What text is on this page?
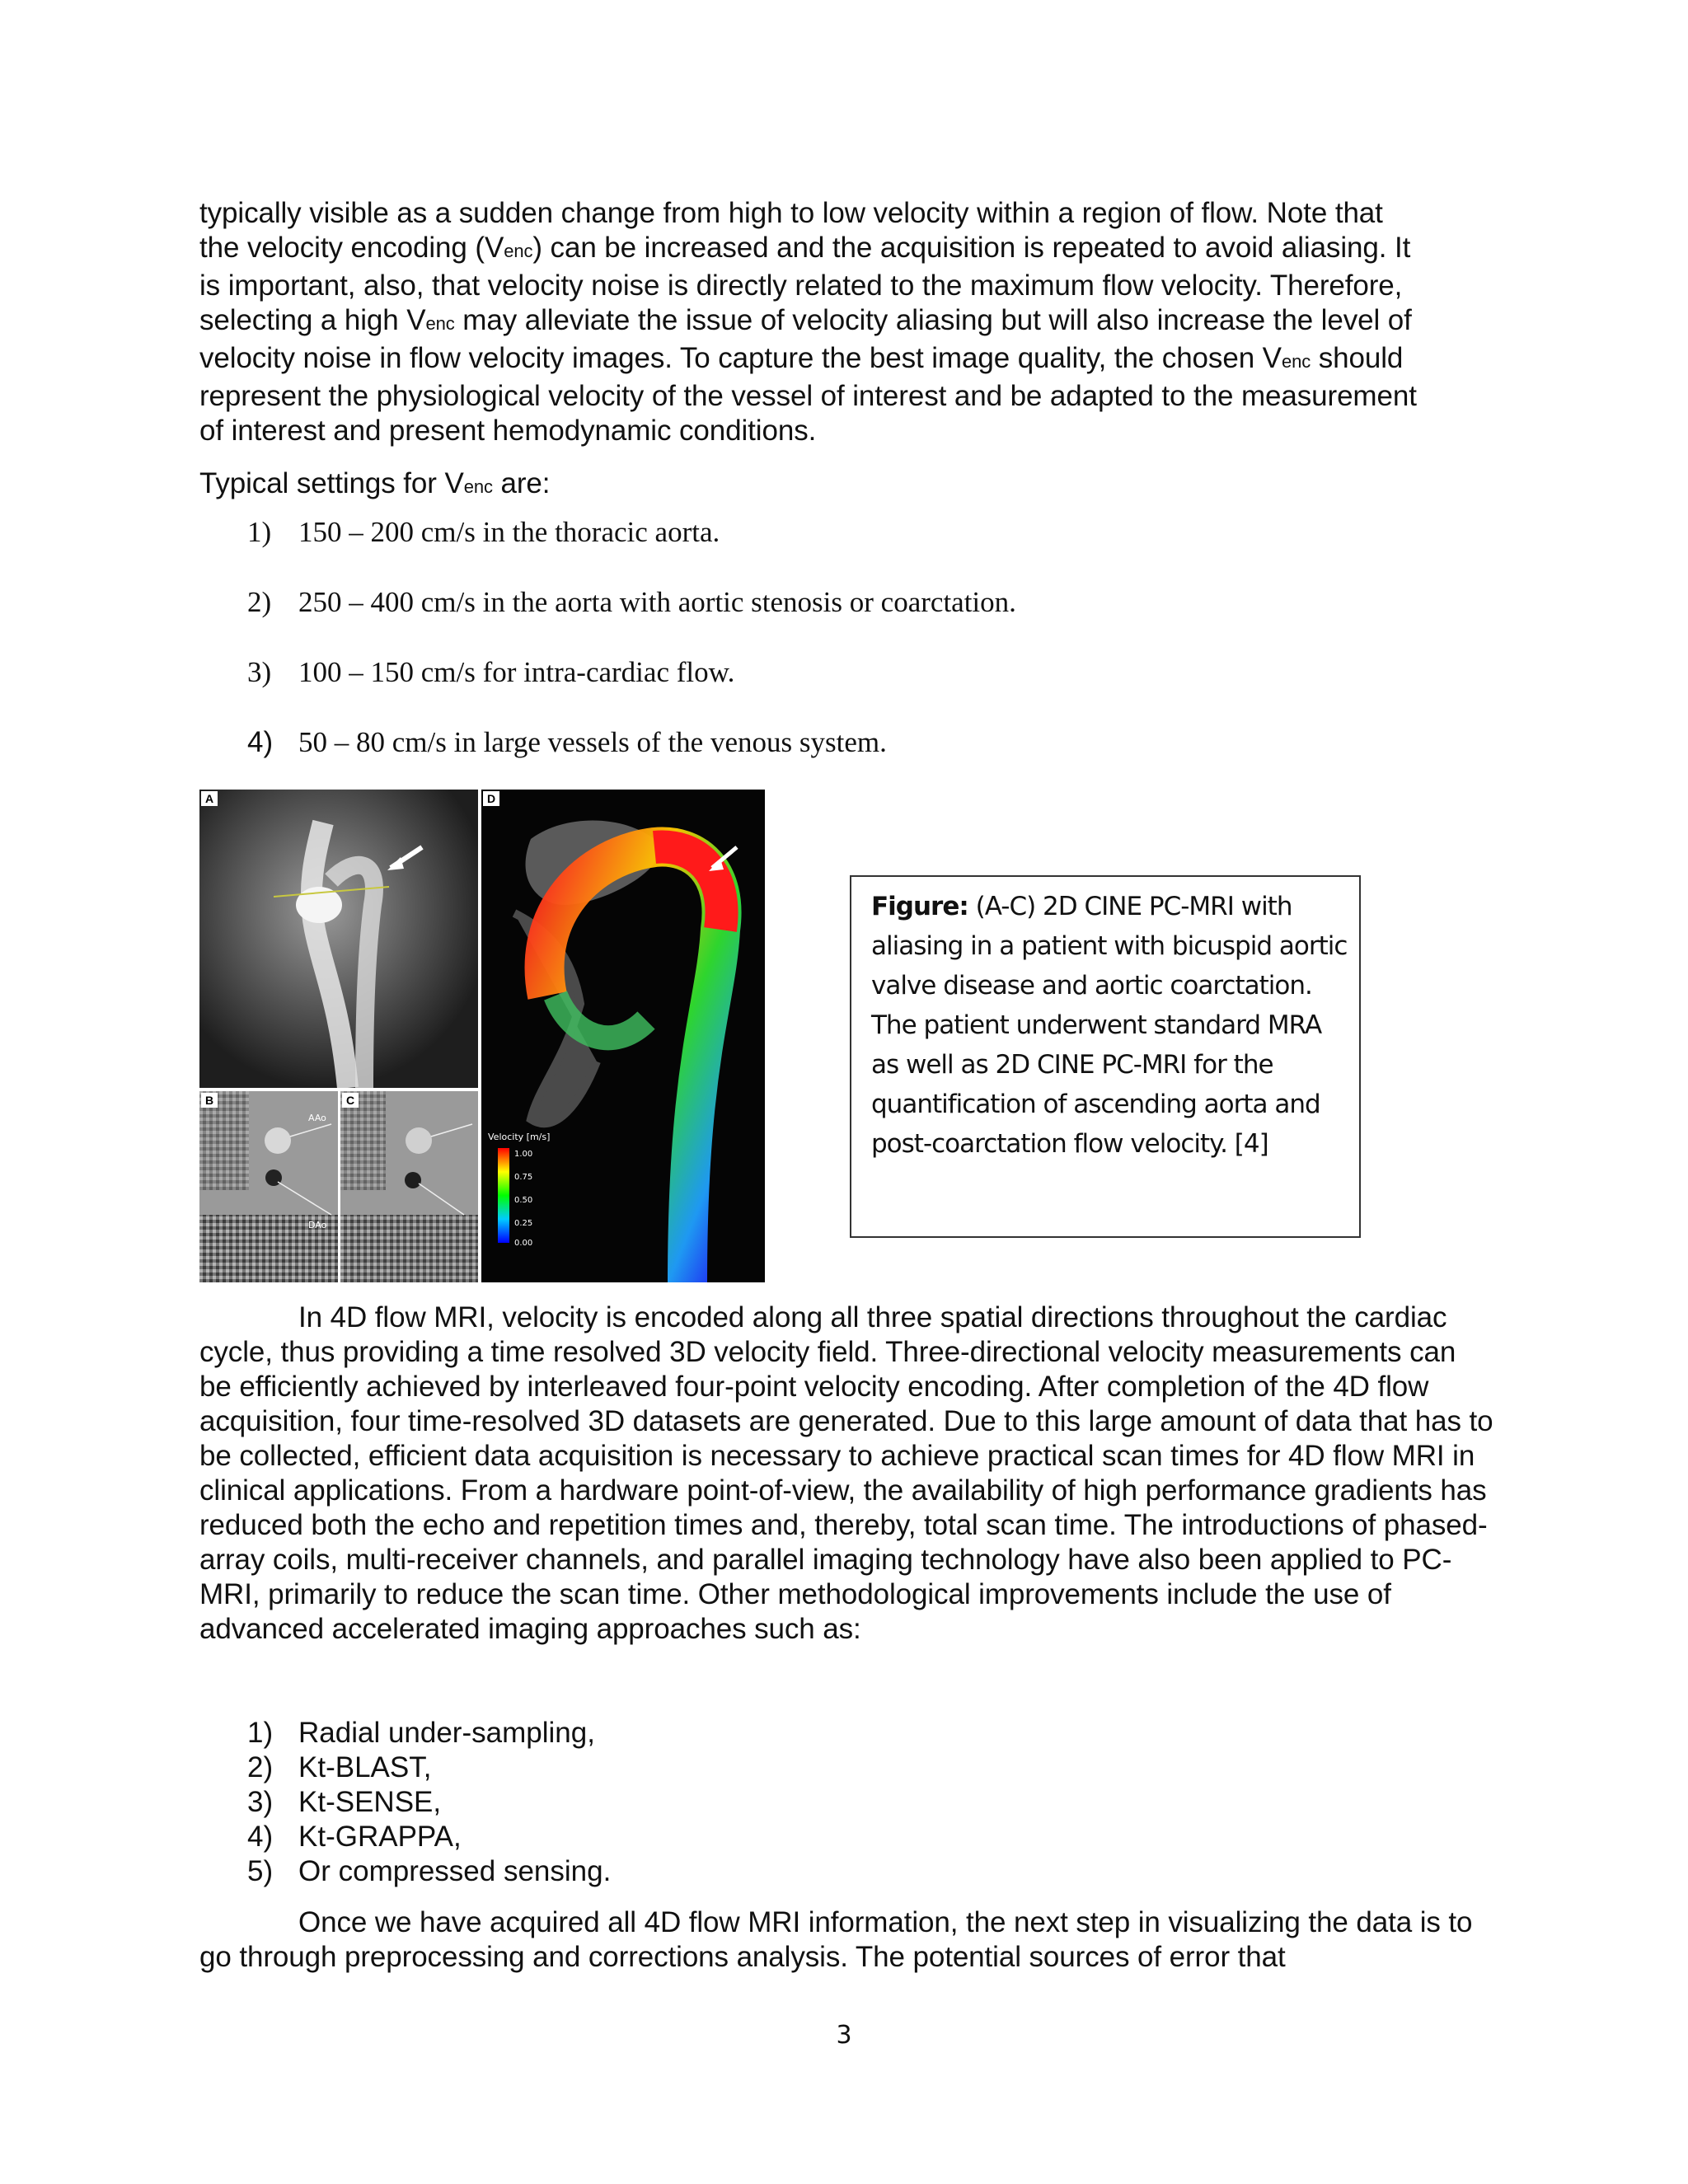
typically visible as a sudden change from high to low velocity within a region of flow. Note that
the velocity encoding (Venc) can be increased and the acquisition is repeated to avoid aliasing. It
is important, also, that velocity noise is directly related to the maximum flow velocity. Therefore,
selecting a high Venc may alleviate the issue of velocity aliasing but will also increase the level of
velocity noise in flow velocity images. To capture the best image quality, the chosen Venc should
represent the physiological velocity of the vessel of interest and be adapted to the measurement
of interest and present hemodynamic conditions.

Typical settings for Venc are:

1) 150 – 200 cm/s in the thoracic aorta.
2) 250 – 400 cm/s in the aorta with aortic stenosis or coarctation.
3) 100 – 150 cm/s for intra-cardiac flow.
4) 50 – 80 cm/s in large vessels of the venous system.
A
AAo
DAo
B	C
Velocity [m/s]
1.00
0.75
0.50
0.25
0.00
D

Figure: (A-C) 2D CINE PC-MRI with aliasing in a patient with bicuspid aortic valve disease and aortic coarctation. The patient underwent standard MRA as well as 2D CINE PC-MRI for the quantification of ascending aorta and post-coarctation flow velocity. [4]

In 4D flow MRI, velocity is encoded along all three spatial directions throughout the cardiac cycle, thus providing a time resolved 3D velocity field. Three-directional velocity measurements can be efficiently achieved by interleaved four-point velocity encoding. After completion of the 4D flow acquisition, four time-resolved 3D datasets are generated. Due to this large amount of data that has to be collected, efficient data acquisition is necessary to achieve practical scan times for 4D flow MRI in clinical applications. From a hardware point-of-view, the availability of high performance gradients has reduced both the echo and repetition times and, thereby, total scan time. The introductions of phased-array coils, multi-receiver channels, and parallel imaging technology have also been applied to PC-MRI, primarily to reduce the scan time. Other methodological improvements include the use of advanced accelerated imaging approaches such as:

1) Radial under-sampling,
2) Kt-BLAST,
3) Kt-SENSE,
4) Kt-GRAPPA,
5) Or compressed sensing.

Once we have acquired all 4D flow MRI information, the next step in visualizing the data is to go through preprocessing and corrections analysis. The potential sources of error that

3
